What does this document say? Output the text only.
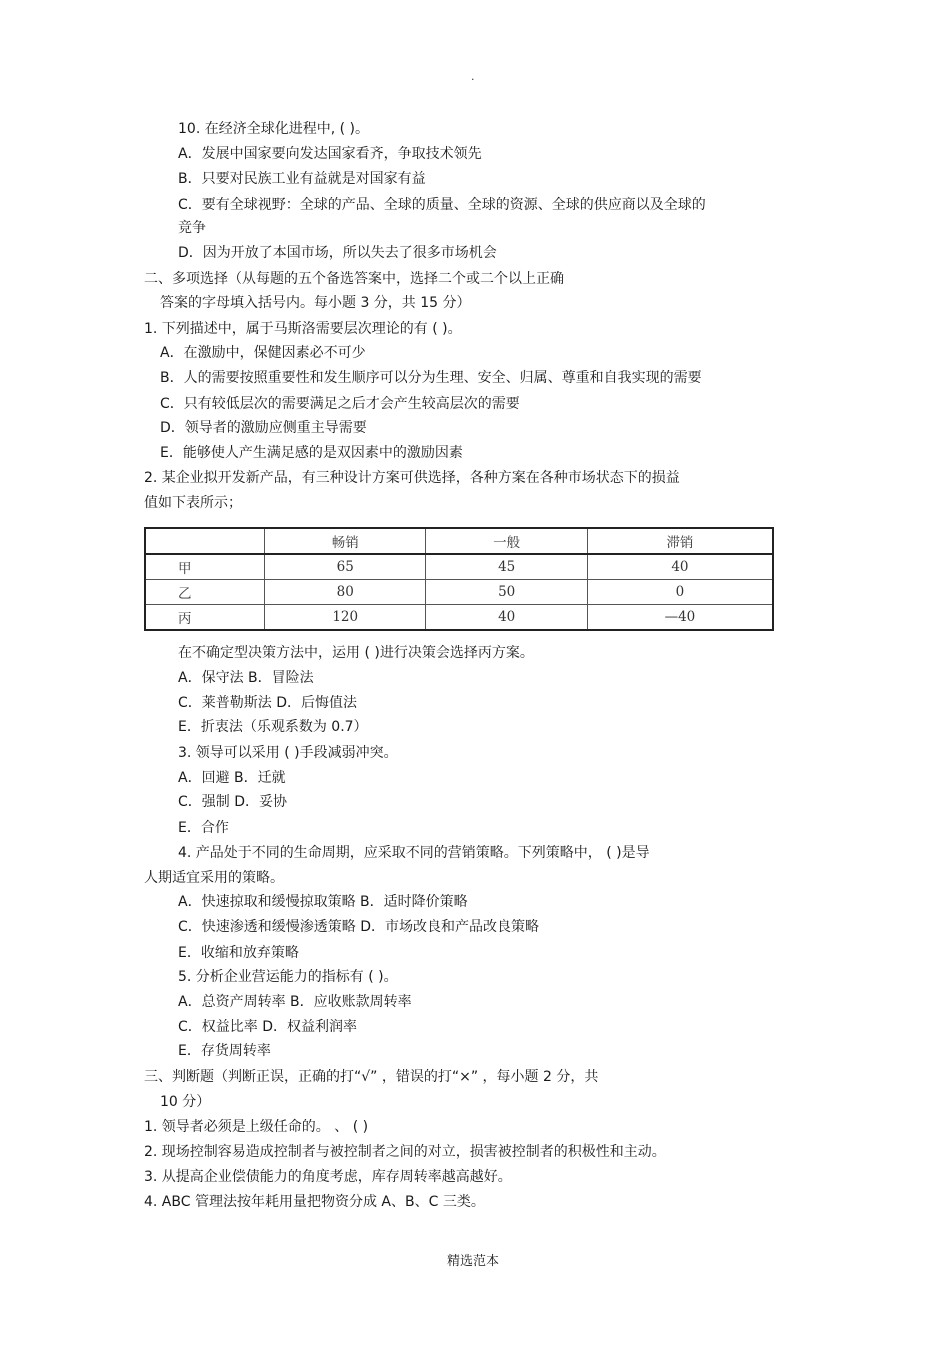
.
10. 在经济全球化进程中, ( )。
A．发展中国家要向发达国家看齐，争取技术领先
B．只要对民族工业有益就是对国家有益
C．要有全球视野：全球的产品、全球的质量、全球的资源、全球的供应商以及全球的
竞争
D．因为开放了本国市场，所以失去了很多市场机会
二、多项选择（从每题的五个备选答案中，选择二个或二个以上正确
答案的字母填入括号内。每小题 3 分，共 15 分）
1. 下列描述中，属于马斯洛需要层次理论的有 ( )。
A．在激励中，保健因素必不可少
B．人的需要按照重要性和发生顺序可以分为生理、安全、归属、尊重和自我实现的需要
C．只有较低层次的需要满足之后才会产生较高层次的需要
D．领导者的激励应侧重主导需要
E．能够使人产生满足感的是双因素中的激励因素
2. 某企业拟开发新产品，有三种设计方案可供选择，各种方案在各种市场状态下的损益
值如下表所示；
	畅销	一般	滞销
甲	65	45	40
乙	80	50	0
丙	120	40	—40
在不确定型决策方法中，运用 ( )进行决策会选择丙方案。
A．保守法 B．冒险法
C．莱普勒斯法 D．后悔值法
E．折衷法（乐观系数为 0.7）
3. 领导可以采用 ( )手段减弱冲突。
A．回避 B．迁就
C．强制 D．妥协
E．合作
4. 产品处于不同的生命周期，应采取不同的营销策略。下列策略中， ( )是导
人期适宜采用的策略。
A．快速掠取和缓慢掠取策略 B．适时降价策略
C．快速渗透和缓慢渗透策略 D．市场改良和产品改良策略
E．收缩和放弃策略
5. 分析企业营运能力的指标有 ( )。
A．总资产周转率 B．应收账款周转率
C．权益比率 D．权益利润率
E．存货周转率
三、判断题（判断正误，正确的打“√” ，错误的打“×” ，每小题 2 分，共
10 分）
1. 领导者必须是上级任命的。 、 ( )
2. 现场控制容易造成控制者与被控制者之间的对立，损害被控制者的积极性和主动。
3. 从提高企业偿债能力的角度考虑，库存周转率越高越好。
4. ABC 管理法按年耗用量把物资分成 A、B、C 三类。
精选范本
